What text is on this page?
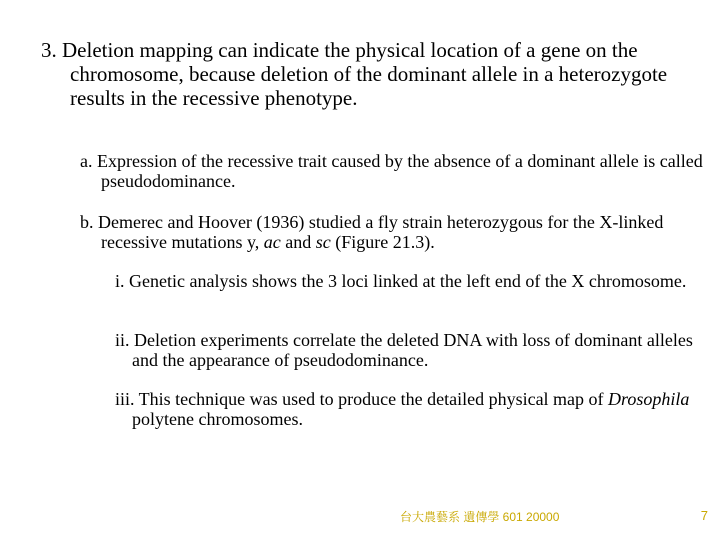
3. Deletion mapping can indicate the physical location of a gene on the chromosome, because deletion of the dominant allele in a heterozygote results in the recessive phenotype.

a. Expression of the recessive trait caused by the absence of a dominant allele is called pseudodominance.

b. Demerec and Hoover (1936) studied a fly strain heterozygous for the X-linked recessive mutations y, ac and sc (Figure 21.3).

i. Genetic analysis shows the 3 loci linked at the left end of the X chromosome.

ii. Deletion experiments correlate the deleted DNA with loss of dominant alleles and the appearance of pseudodominance.

iii. This technique was used to produce the detailed physical map of Drosophila polytene chromosomes.

台大農藝系 遺傳學 601 20000	7
